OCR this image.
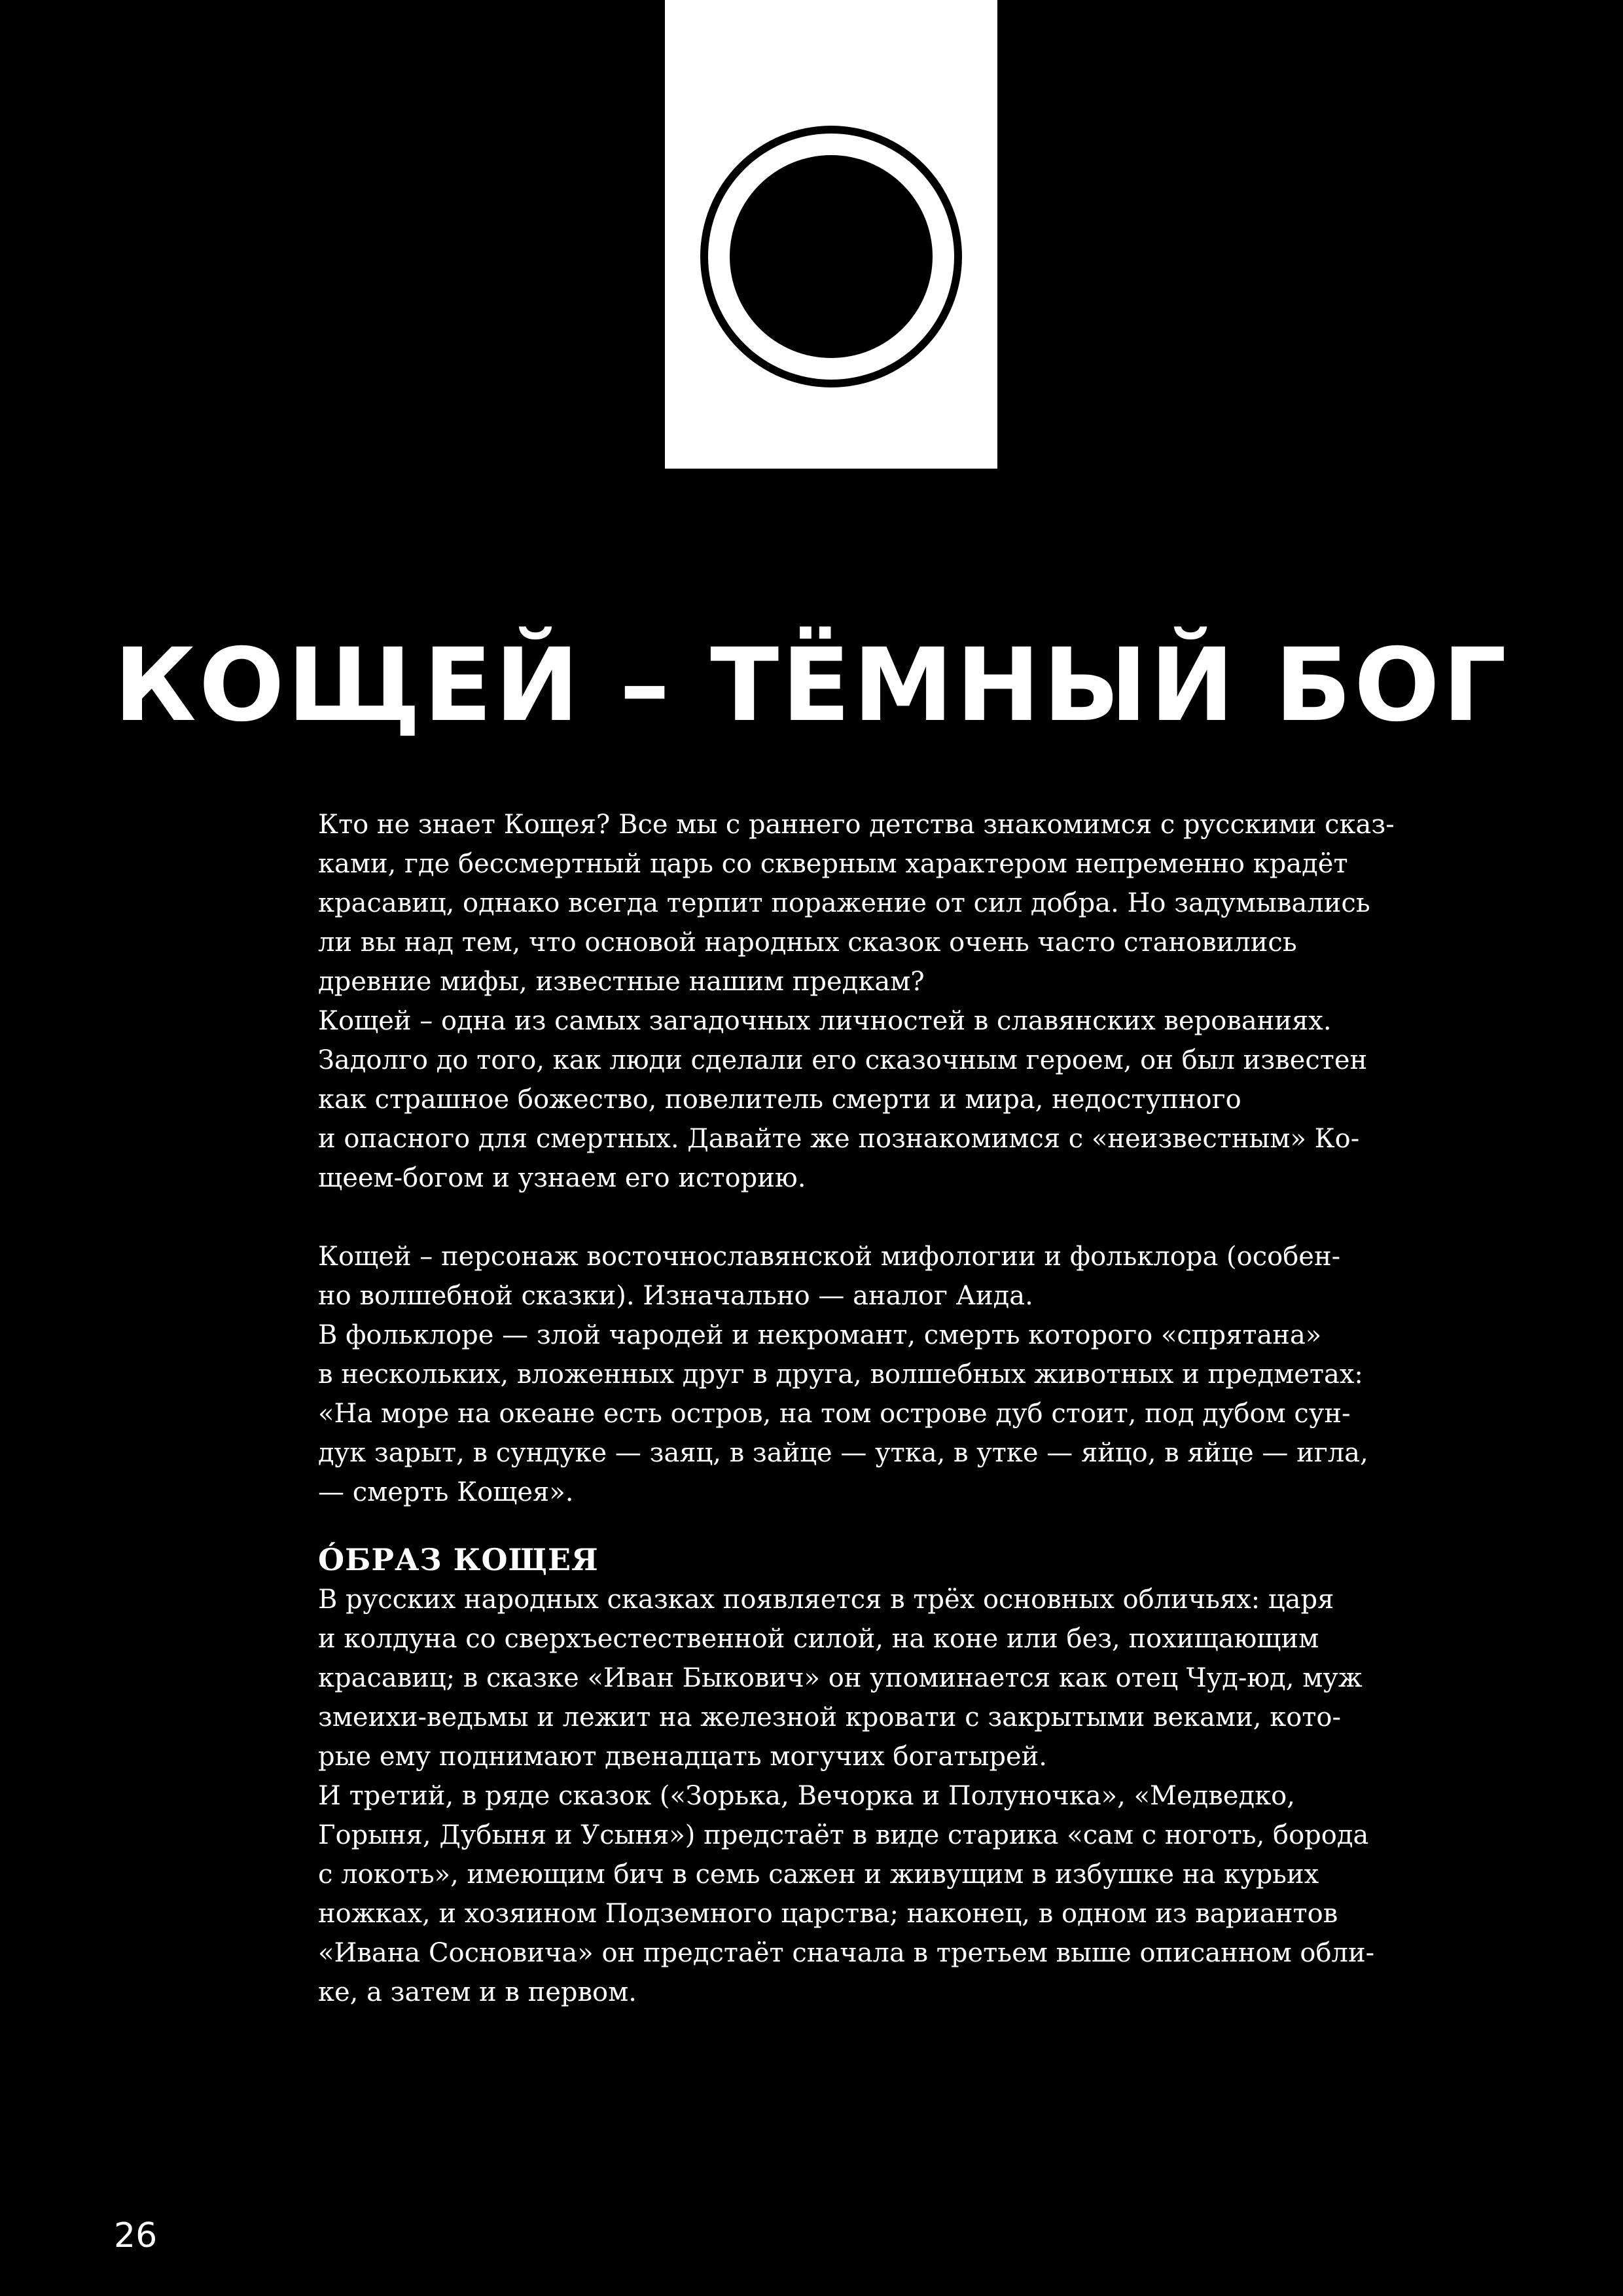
КОЩЕЙ – ТЁМНЫЙ БОГ
Кто не знает Кощея? Все мы с раннего детства знакомимся с русскими сказ-
ками, где бессмертный царь со скверным характером непременно крадёт
красавиц, однако всегда терпит поражение от сил добра. Но задумывались
ли вы над тем, что основой народных сказок очень часто становились
древние мифы, известные нашим предкам?
Кощей – одна из самых загадочных личностей в славянских верованиях.
Задолго до того, как люди сделали его сказочным героем, он был известен
как страшное божество, повелитель смерти и мира, недоступного
и опасного для смертных. Давайте же познакомимся с «неизвестным» Ко-
щеем-богом и узнаем его историю.
Кощей – персонаж восточнославянской мифологии и фольклора (особен-
но волшебной сказки). Изначально — аналог Аида.
В фольклоре — злой чародей и некромант, смерть которого «спрятана»
в нескольких, вложенных друг в друга, волшебных животных и предметах:
«На море на океане есть остров, на том острове дуб стоит, под дубом сун-
дук зарыт, в сундуке — заяц, в зайце — утка, в утке — яйцо, в яйце — игла,
— смерть Кощея».
ÓБРАЗ КОЩЕЯ
В русских народных сказках появляется в трёх основных обличьях: царя
и колдуна со сверхъестественной силой, на коне или без, похищающим
красавиц; в сказке «Иван Быкович» он упоминается как отец Чуд-юд, муж
змеихи-ведьмы и лежит на железной кровати с закрытыми веками, кото-
рые ему поднимают двенадцать могучих богатырей.
И третий, в ряде сказок («Зорька, Вечорка и Полуночка», «Медведко,
Горыня, Дубыня и Усыня») предстаёт в виде старика «сам с ноготь, борода
с локоть», имеющим бич в семь сажен и живущим в избушке на курьих
ножках, и хозяином Подземного царства; наконец, в одном из вариантов
«Ивана Сосновича» он предстаёт сначала в третьем выше описанном обли-
ке, а затем и в первом.
26
